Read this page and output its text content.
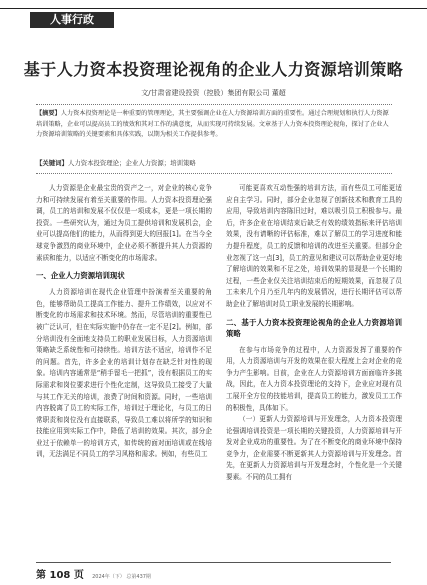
人事行政
基于人力资本投资理论视角的企业人力资源培训策略
文/甘肃省建设投资（控股）集团有限公司 董超
【摘要】人力资本投资理论是一种重要的管理理论，其主要强调企业在人力资源培训方面的重要性。通过合理规划和执行人力资源培训策略，企业可以提高员工的绩效和其对工作的满意度，从而实现可持续发展。文章基于人力资本投资理论视角，探讨了企业人力资源培训策略的关键要素和具体实践，以期为相关工作提供参考。
【关键词】人力资本投资理论；企业人力资源；培训策略

人力资源是企业最宝贵的资产之一，对企业的核心竞争力和可持续发展有着至关重要的作用。人力资本投资理论强调，员工的培训和发展不仅仅是一项成本，更是一项长期的投资。一些研究认为，通过为员工提供培训和发展机会，企业可以提高他们的能力，从而得到更大的回报[1]。在当今全球竞争激烈的商业环境中，企业必须不断提升其人力资源的素质和能力，以适应不断变化的市场需求。

一、企业人力资源培训现状

人力资源培训在现代企业管理中扮演着至关重要的角色，能够帮助员工提高工作能力、提升工作绩效，以应对不断变化的市场需求和技术环境。然而，尽管培训的重要性已被广泛认可，但在实际实施中仍存在一定不足[2]。例如，部分培训没有全面地支持员工的职业发展目标，人力资源培训策略缺乏系统性和可持续性。培训方法不适应，培训作不足的问题。首先，许多企业的培训计划存在缺乏针对性的现象。培训内容通常是“稍手留毛一把抓”，没有根据员工的实际需求和岗位要求进行个性化定制，这导致员工接受了大量与其工作无关的培训，浪费了时间和资源。同时，一些培训内容脱离了员工的实际工作，培训过于理论化，与员工的日常职责和岗位没有直接联系，导致员工难以将所学的知识和技能应用到实际工作中，降低了培训的效果。其次，部分企业过于依赖单一的培训方式，如传统的面对面培训或在线培训，无法满足不同员工的学习风格和需求。例如，有些员工

可能更喜欢互动性强的培训方法，而有些员工可能更适应自主学习。同时，部分企业忽视了创新技术和教育工具的应用，导致培训内容陈旧过时，难以吸引员工积极参与。最后，许多企业在培训结束后缺乏有效的绩效指标来评估培训效果，没有请晰的评估标准，难以了解员工的学习进度和能力提升程度，员工的反馈和培训的改进至关重要。但部分企业忽视了这一点[3]，员工的意见和建议可以帮助企业更好地了解培训的效果和不足之处，培训效果的显现是一个长期的过程，一些企业仅关注培训结束后的短期效果，而忽视了员工未来几个月乃至几年内的发展情况，进行长期评估可以帮助企业了解培训对员工职业发展的长期影响。

二、基于人力资本投资理论视角的企业人力资源培训策略

在参与市场竞争的过程中，人力资源发挥了重要的作用，人力资源培训与开发的效果在很大程度上会对企业的竞争力产生影响。目前，企业在人力资源培训方面面临许多挑战，因此，在人力资本投资理论的支持下，企业应对现有员工展开全方位的技能培训，提高员工的能力，激发员工工作的积极性，具体如下。

（一）更新人力资源培训与开发理念，人力资本投资理论强调培训投资是一项长期的关键投资，人力资源培训与开发对企业成功的重要性。为了在不断变化的商业环境中保持竞争力，企业需要不断更新其人力资源培训与开发理念。首先，在更新人力资源培训与开发理念时，个性化是一个关键要素。不同的员工拥有

第 108 页 2024年（下） 总第437期
